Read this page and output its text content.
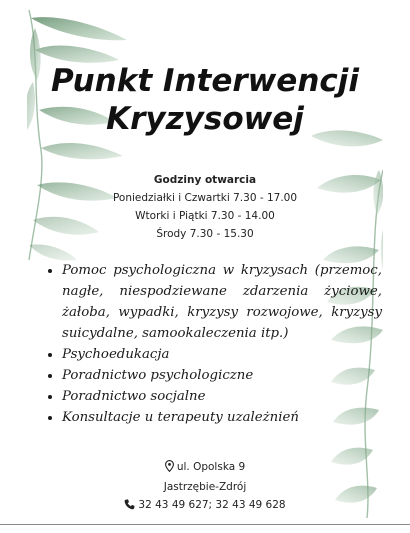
Punkt Interwencji
Kryzysowej
Godziny otwarcia
Poniedziałki i Czwartki 7.30 - 17.00
Wtorki i Piątki 7.30 - 14.00
Środy 7.30 - 15.30
• Pomoc psychologiczna w kryzysach (przemoc, nagłe, niespodziewane zdarzenia życiowe, żałoba, wypadki, kryzysy rozwojowe, kryzysy suicydalne, samookaleczenia itp.)
• Psychoedukacja
• Poradnictwo psychologiczne
• Poradnictwo socjalne
• Konsultacje u terapeuty uzależnień
ul. Opolska 9
Jastrzębie-Zdrój
32 43 49 627; 32 43 49 628
